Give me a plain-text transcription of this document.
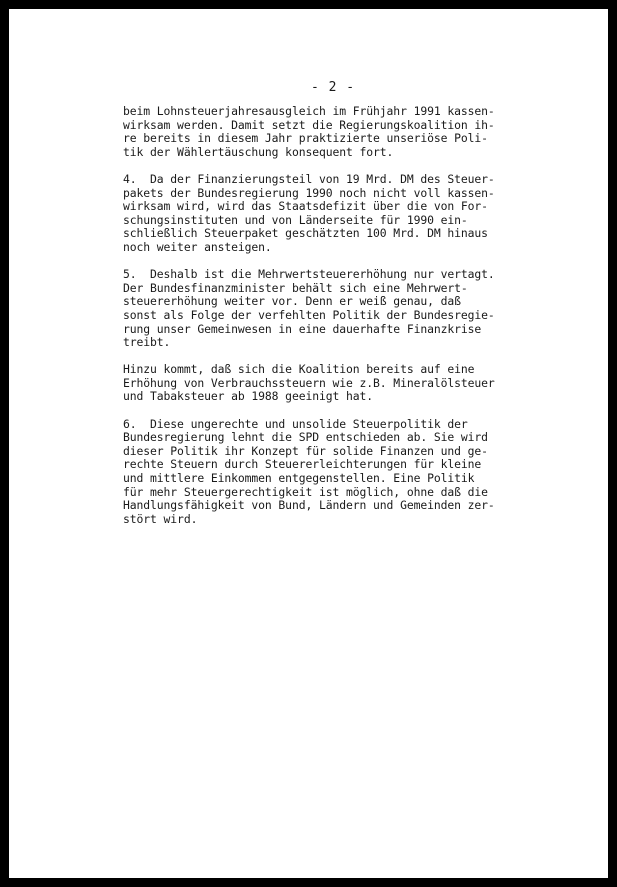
- 2 -

beim Lohnsteuerjahresausgleich im Frühjahr 1991 kassen-
wirksam werden. Damit setzt die Regierungskoalition ih-
re bereits in diesem Jahr praktizierte unseriöse Poli-
tik der Wählertäuschung konsequent fort.

4.  Da der Finanzierungsteil von 19 Mrd. DM des Steuer-
pakets der Bundesregierung 1990 noch nicht voll kassen-
wirksam wird, wird das Staatsdefizit über die von For-
schungsinstituten und von Länderseite für 1990 ein-
schließlich Steuerpaket geschätzten 100 Mrd. DM hinaus
noch weiter ansteigen.

5.  Deshalb ist die Mehrwertsteuererhöhung nur vertagt.
Der Bundesfinanzminister behält sich eine Mehrwert-
steuererhöhung weiter vor. Denn er weiß genau, daß
sonst als Folge der verfehlten Politik der Bundesregie-
rung unser Gemeinwesen in eine dauerhafte Finanzkrise
treibt.

Hinzu kommt, daß sich die Koalition bereits auf eine
Erhöhung von Verbrauchssteuern wie z.B. Mineralölsteuer
und Tabaksteuer ab 1988 geeinigt hat.

6.  Diese ungerechte und unsolide Steuerpolitik der
Bundesregierung lehnt die SPD entschieden ab. Sie wird
dieser Politik ihr Konzept für solide Finanzen und ge-
rechte Steuern durch Steuererleichterungen für kleine
und mittlere Einkommen entgegenstellen. Eine Politik
für mehr Steuergerechtigkeit ist möglich, ohne daß die
Handlungsfähigkeit von Bund, Ländern und Gemeinden zer-
stört wird.
